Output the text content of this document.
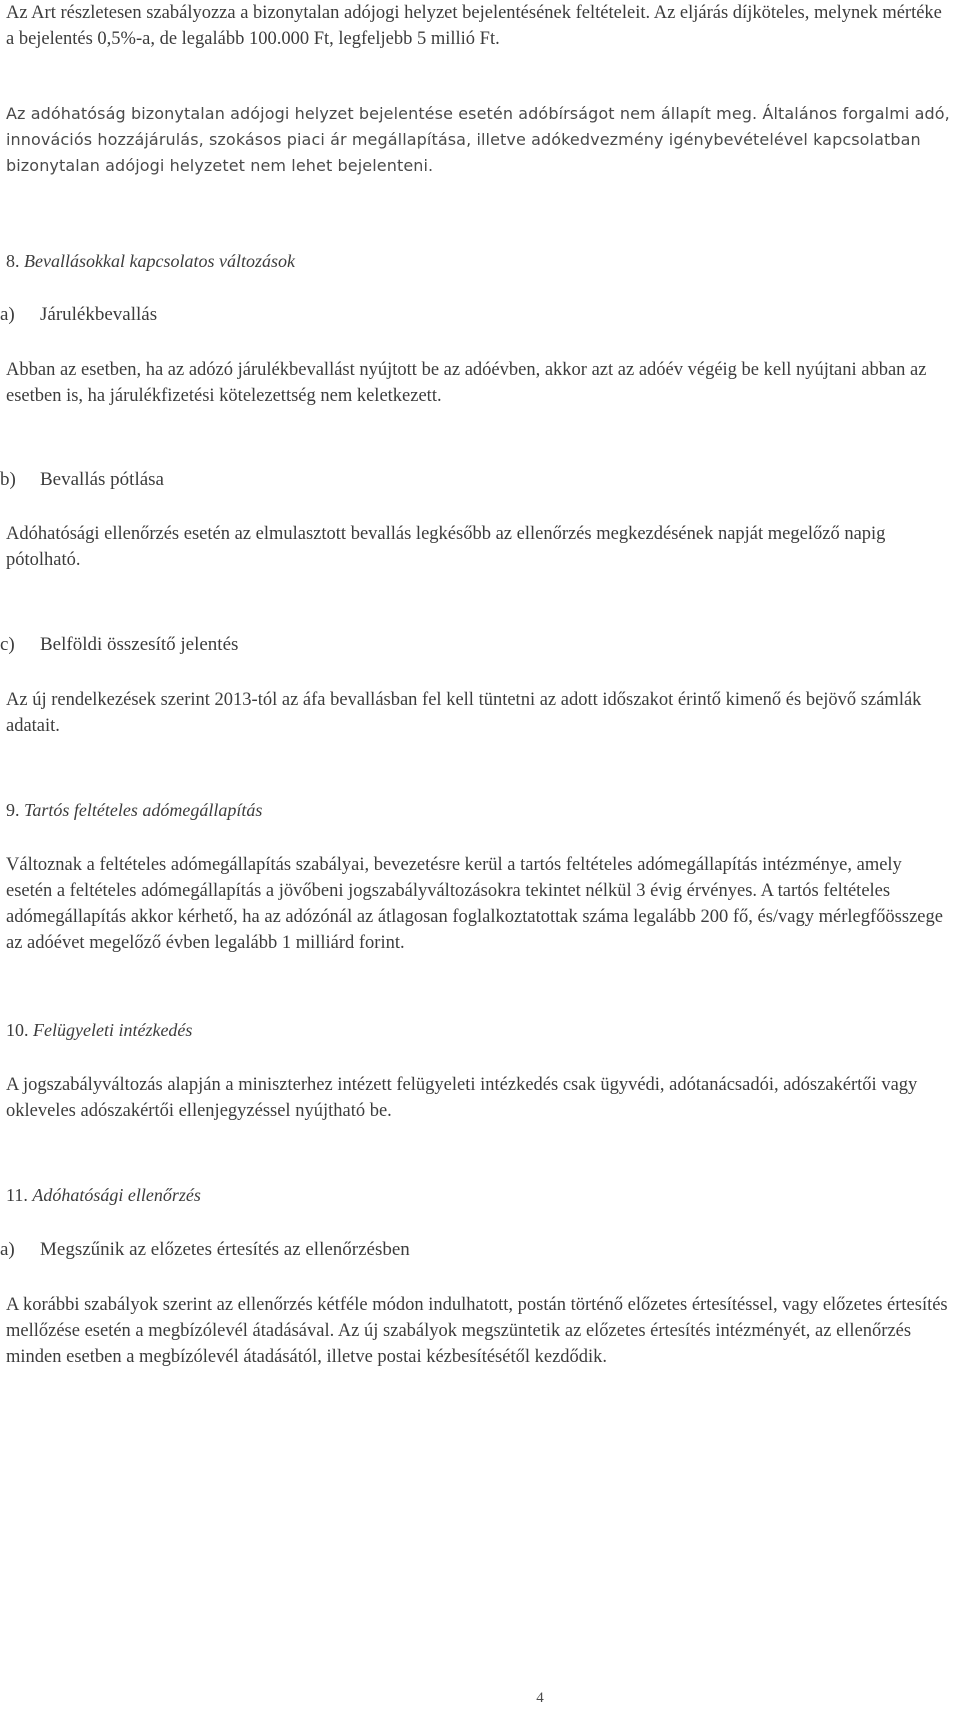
Az Art részletesen szabályozza a bizonytalan adójogi helyzet bejelentésének feltételeit. Az eljárás díjköteles, melynek mértéke a bejelentés 0,5%-a, de legalább 100.000 Ft, legfeljebb 5 millió Ft.

Az adóhatóság bizonytalan adójogi helyzet bejelentése esetén adóbírságot nem állapít meg. Általános forgalmi adó, innovációs hozzájárulás, szokásos piaci ár megállapítása, illetve adókedvezmény igénybevételével kapcsolatban bizonytalan adójogi helyzetet nem lehet bejelenteni.

8. Bevallásokkal kapcsolatos változások

a) Járulékbevallás

Abban az esetben, ha az adózó járulékbevallást nyújtott be az adóévben, akkor azt az adóév végéig be kell nyújtani abban az esetben is, ha járulékfizetési kötelezettség nem keletkezett.

b) Bevallás pótlása

Adóhatósági ellenőrzés esetén az elmulasztott bevallás legkésőbb az ellenőrzés megkezdésének napját megelőző napig pótolható.

c) Belföldi összesítő jelentés

Az új rendelkezések szerint 2013-tól az áfa bevallásban fel kell tüntetni az adott időszakot érintő kimenő és bejövő számlák adatait.

9. Tartós feltételes adómegállapítás

Változnak a feltételes adómegállapítás szabályai, bevezetésre kerül a tartós feltételes adómegállapítás intézménye, amely esetén a feltételes adómegállapítás a jövőbeni jogszabályváltozásokra tekintet nélkül 3 évig érvényes. A tartós feltételes adómegállapítás akkor kérhető, ha az adózónál az átlagosan foglalkoztatottak száma legalább 200 fő, és/vagy mérlegfőösszege az adóévet megelőző évben legalább 1 milliárd forint.

10. Felügyeleti intézkedés

A jogszabályváltozás alapján a miniszterhez intézett felügyeleti intézkedés csak ügyvédi, adótanácsadói, adószakértői vagy okleveles adószakértői ellenjegyzéssel nyújtható be.

11. Adóhatósági ellenőrzés

a) Megszűnik az előzetes értesítés az ellenőrzésben

A korábbi szabályok szerint az ellenőrzés kétféle módon indulhatott, postán történő előzetes értesítéssel, vagy előzetes értesítés mellőzése esetén a megbízólevél átadásával. Az új szabályok megszüntetik az előzetes értesítés intézményét, az ellenőrzés minden esetben a megbízólevél átadásától, illetve postai kézbesítésétől kezdődik.

4
